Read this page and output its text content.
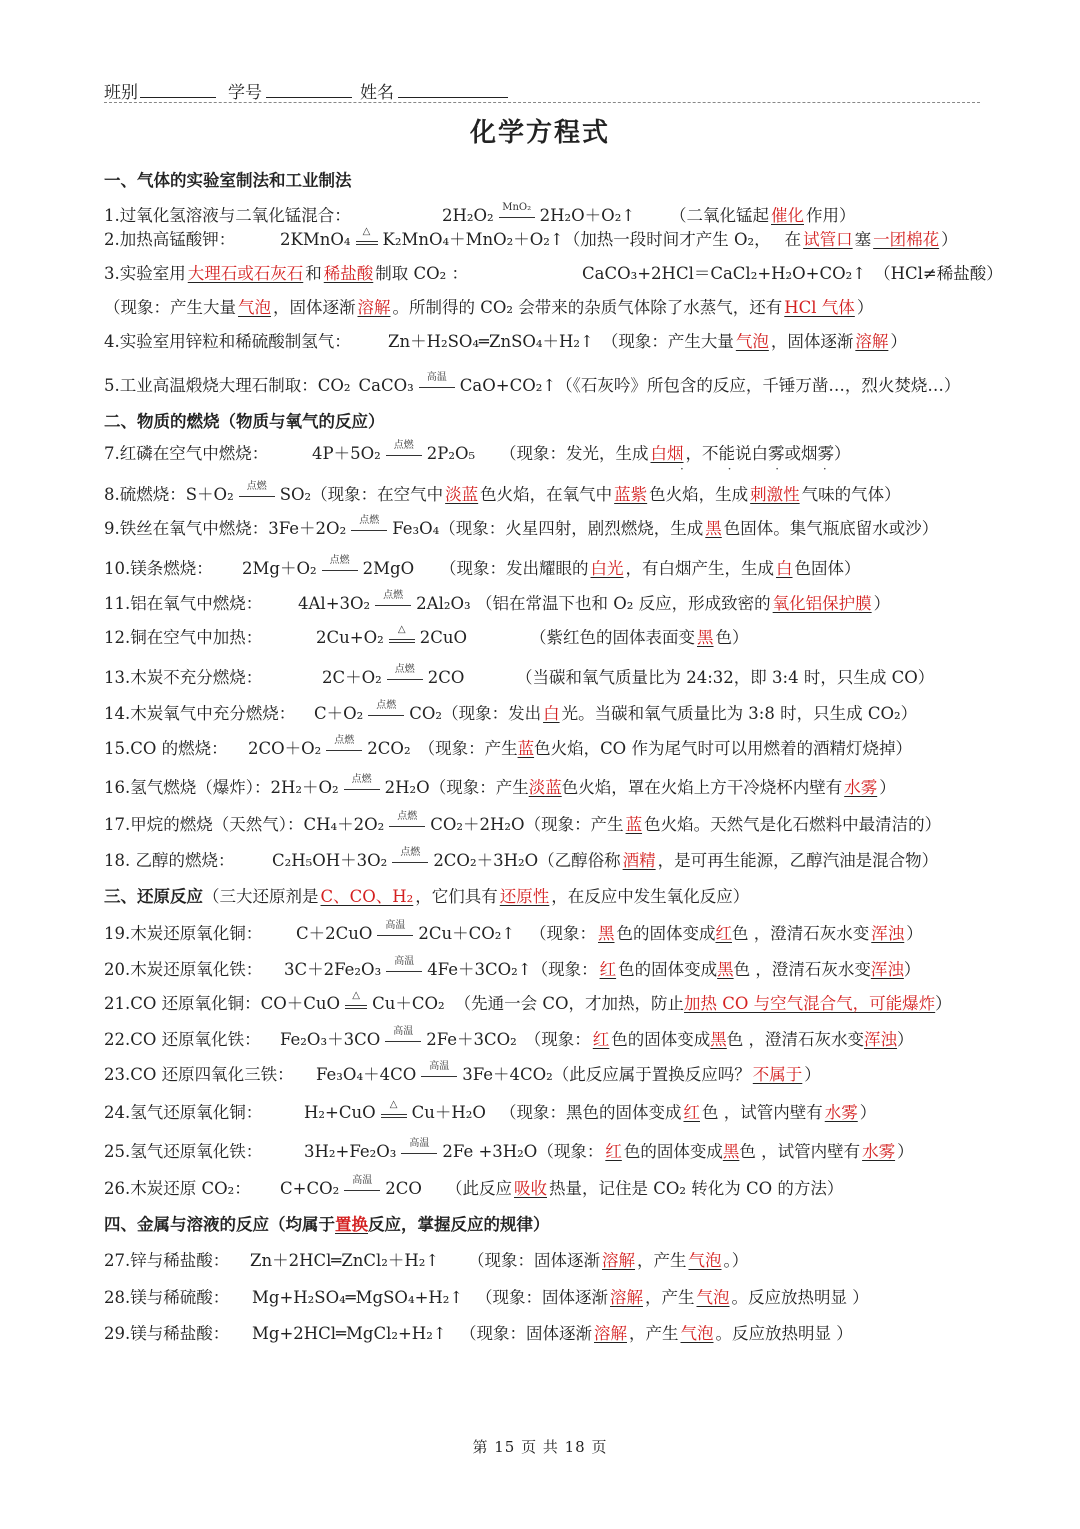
班别	学号	姓名
化学方程式
一、气体的实验室制法和工业制法
1.过氧化氢溶液与二氧化锰混合：	2H₂O₂ MnO₂ 2H₂O＋O₂↑ （二氧化锰起 催化 作用）
2.加热高锰酸钾：	2KMnO₄	△ K₂MnO₄＋MnO₂＋O₂↑（加热一段时间才产生 O₂， 在 试管口 塞 一团棉花 ）
3.实验室用 大理石或石灰石 和 稀盐酸 制取 CO₂ ：	CaCO₃+2HCl＝CaCl₂+H₂O+CO₂↑ （HCl≠稀盐酸）
（现象：产生大量 气泡 ，固体逐渐 溶解 。所制得的 CO₂ 会带来的杂质气体除了水蒸气，还有 HCl 气体 ）
4.实验室用锌粒和稀硫酸制氢气： Zn＋H₂SO₄═ZnSO₄＋H₂↑ （现象：产生大量 气泡 ，固体逐渐 溶解 ）
5.工业高温煅烧大理石制取：CO₂ CaCO₃	高温 CaO+CO₂↑（《石灰吟》所包含的反应，千锤万凿…，烈火焚烧…）
二、物质的燃烧（物质与氧气的反应）
7.红磷在空气中燃烧：	4P＋5O₂	点燃 2P₂O₅ （现象：发光，生成 白烟 ，不能说白雾或烟雾）
· · · ·
8.硫燃烧：S＋O₂	点燃 SO₂（现象：在空气中 淡蓝 色火焰，在氧气中 蓝紫 色火焰，生成 刺激性 气味的气体）
9.铁丝在氧气中燃烧：3Fe＋2O₂	点燃 Fe₃O₄（现象：火星四射，剧烈燃烧，生成 黑 色固体。集气瓶底留水或沙）
10.镁条燃烧： 2Mg＋O₂	点燃 2MgO （现象：发出耀眼的 白光 ，有白烟产生，生成 白 色固体）
11.铝在氧气中燃烧： 4Al+3O₂	点燃 2Al₂O₃ （铝在常温下也和 O₂ 反应，形成致密的 氧化铝保护膜 ）
12.铜在空气中加热：	2Cu+O₂	△ 2CuO	（紫红色的固体表面变 黑 色）
13.木炭不充分燃烧：	2C＋O₂	点燃 2CO	（当碳和氧气质量比为 24:32，即 3:4 时，只生成 CO）
14.木炭氧气中充分燃烧： C＋O₂	点燃 CO₂（现象：发出 白 光。当碳和氧气质量比为 3:8 时，只生成 CO₂）
15.CO 的燃烧： 2CO＋O₂	点燃 2CO₂ （现象：产生蓝色火焰，CO 作为尾气时可以用燃着的酒精灯烧掉）
16.氢气燃烧（爆炸）：2H₂＋O₂	点燃 2H₂O（现象：产生淡蓝色火焰，罩在火焰上方干冷烧杯内壁有 水雾 ）
17.甲烷的燃烧（天然气）：CH₄＋2O₂	点燃 CO₂＋2H₂O（现象：产生 蓝 色火焰。天然气是化石燃料中最清洁的）
18. 乙醇的燃烧： C₂H₅OH＋3O₂	点燃 2CO₂＋3H₂O（乙醇俗称 酒精 ，是可再生能源，乙醇汽油是混合物）
三、还原反应（三大还原剂是 C、CO、H₂ ，它们具有 还原性 ，在反应中发生氧化反应）
19.木炭还原氧化铜： C＋2CuO	高温 2Cu＋CO₂↑ （现象： 黑 色的固体变成红色 ，澄清石灰水变 浑浊 ）
20.木炭还原氧化铁： 3C＋2Fe₂O₃	高温 4Fe＋3CO₂↑（现象： 红 色的固体变成黑色 ，澄清石灰水变浑浊）
21.CO 还原氧化铜：CO＋CuO	△ Cu＋CO₂ （先通一会 CO，才加热，防止加热 CO 与空气混合气，可能爆炸）
22.CO 还原氧化铁： Fe₂O₃＋3CO	高温 2Fe＋3CO₂ （现象： 红 色的固体变成黑色 ，澄清石灰水变浑浊）
23.CO 还原四氧化三铁： Fe₃O₄＋4CO	高温 3Fe＋4CO₂（此反应属于置换反应吗？ 不属于 ）
24.氢气还原氧化铜：	H₂+CuO	△ Cu＋H₂O （现象：黑色的固体变成 红 色 ，试管内壁有 水雾 ）
25.氢气还原氧化铁：	3H₂+Fe₂O₃	高温 2Fe +3H₂O（现象： 红 色的固体变成黑色 ，试管内壁有 水雾 ）
26.木炭还原 CO₂： C+CO₂	高温 2CO （此反应 吸收 热量，记住是 CO₂ 转化为 CO 的方法）
四、金属与溶液的反应（均属于置换反应，掌握反应的规律）
27.锌与稀盐酸： Zn＋2HCl═ZnCl₂＋H₂↑ （现象：固体逐渐 溶解 ，产生 气泡 。）
28.镁与稀硫酸： Mg+H₂SO₄═MgSO₄+H₂↑ （现象：固体逐渐 溶解 ，产生 气泡 。反应放热明显 ）
29.镁与稀盐酸： Mg+2HCl═MgCl₂+H₂↑ （现象：固体逐渐 溶解 ，产生 气泡 。反应放热明显 ）
第 15 页 共 18 页
